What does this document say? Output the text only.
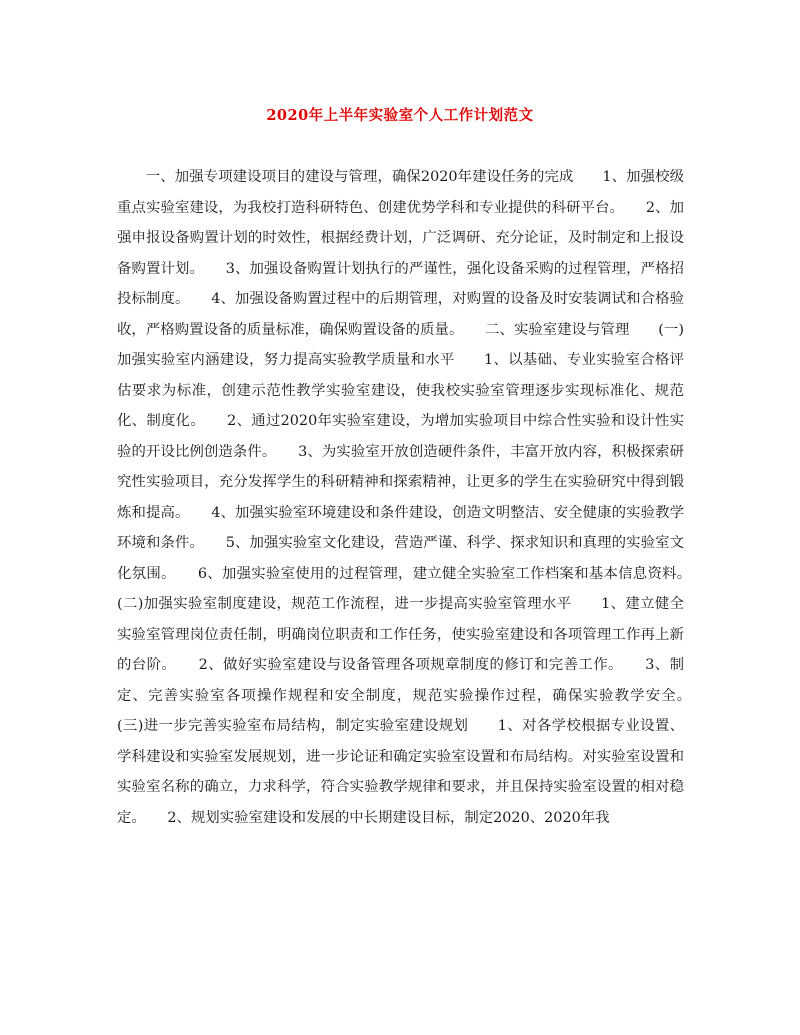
2020年上半年实验室个人工作计划范文
一、加强专项建设项目的建设与管理，确保2020年建设任务的完成　　1、加强校级重点实验室建设，为我校打造科研特色、创建优势学科和专业提供的科研平台。　　2、加强申报设备购置计划的时效性，根据经费计划，广泛调研、充分论证，及时制定和上报设备购置计划。　　3、加强设备购置计划执行的严谨性，强化设备采购的过程管理，严格招投标制度。　　4、加强设备购置过程中的后期管理，对购置的设备及时安装调试和合格验收，严格购置设备的质量标准，确保购置设备的质量。　　二、实验室建设与管理　　(一)加强实验室内涵建设，努力提高实验教学质量和水平　　1、以基础、专业实验室合格评估要求为标准，创建示范性教学实验室建设，使我校实验室管理逐步实现标准化、规范化、制度化。　　2、通过2020年实验室建设，为增加实验项目中综合性实验和设计性实验的开设比例创造条件。　　3、为实验室开放创造硬件条件，丰富开放内容，积极探索研究性实验项目，充分发挥学生的科研精神和探索精神，让更多的学生在实验研究中得到锻炼和提高。　　4、加强实验室环境建设和条件建设，创造文明整洁、安全健康的实验教学环境和条件。　　5、加强实验室文化建设，营造严谨、科学、探求知识和真理的实验室文化氛围。　　6、加强实验室使用的过程管理，建立健全实验室工作档案和基本信息资料。　　(二)加强实验室制度建设，规范工作流程，进一步提高实验室管理水平　　1、建立健全实验室管理岗位责任制，明确岗位职责和工作任务，使实验室建设和各项管理工作再上新的台阶。　　2、做好实验室建设与设备管理各项规章制度的修订和完善工作。　　3、制定、完善实验室各项操作规程和安全制度，规范实验操作过程，确保实验教学安全。　　(三)进一步完善实验室布局结构，制定实验室建设规划　　1、对各学校根据专业设置、学科建设和实验室发展规划，进一步论证和确定实验室设置和布局结构。对实验室设置和实验室名称的确立，力求科学，符合实验教学规律和要求，并且保持实验室设置的相对稳定。　　2、规划实验室建设和发展的中长期建设目标，制定2020、2020年我
